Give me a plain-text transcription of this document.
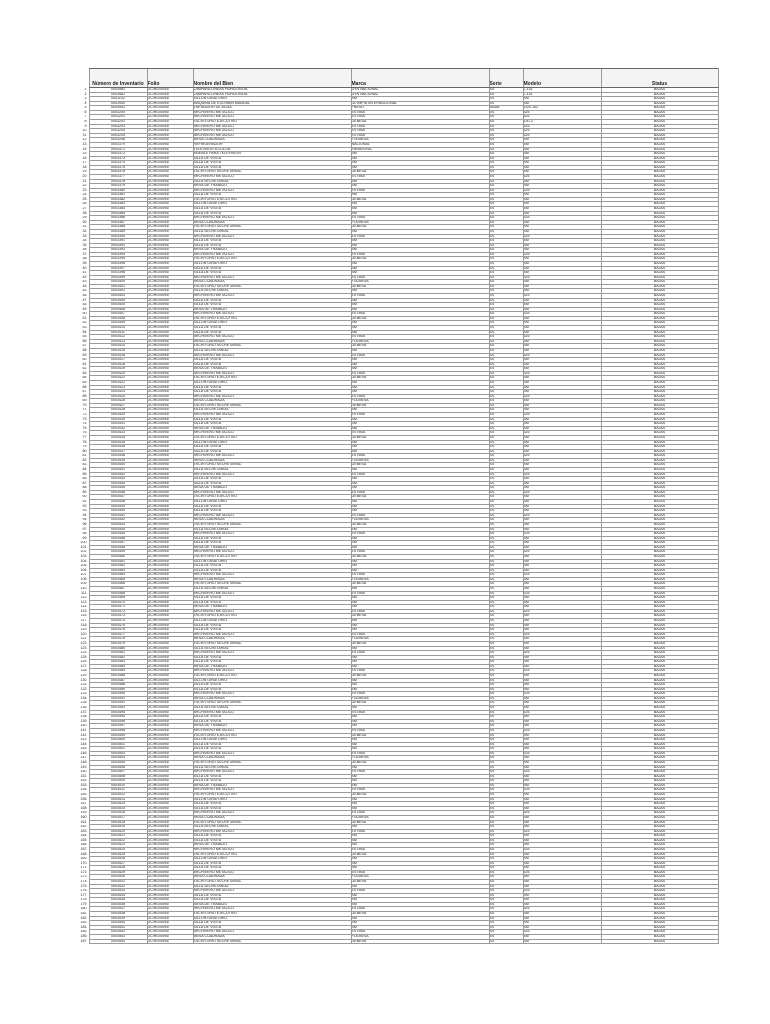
	Número de Inventario	Folio	Nombre del Bien	Marca	Serie	Modelo	Status
1	0003981	DC/RG/0094/	LAMPARA LINEAS HORIZONTAL	DYN NACIONAL	SS	L-101	BAJAS
2	0003982	DC/RG/0094/	LAMPARA LINEAS HORIZONTAL	DYN NACIONAL	SS	L-101	BAJAS
3	0001102	DC/RG/0094/	SILLON GIRATORIO	SM	SS	SM	BAJAS
4	0003940	DC/RG/0094/	MAQUINA DE ESCRIBIR MANUAL	OLYMPIA INTERNACIONAL	SS	SM	BAJAS
5	0003941	DC/RG/0094/	ENFRIADOR DE AGUA	FRIGID	36384	EDS-102	BAJAS
6	0003200	DC/RG/0094/	ARCHIVERO METALICO	ESTIMA	SS	325	BAJAS
7	0003201	DC/RG/0094/	ARCHIVERO METALICO	ESTIMA	SS	325	BAJAS
8	0003202	DC/RG/0094/	ESCRITORIO EJECUTIVO	GEBESA	SS	130-3	BAJAS
9	0003203	DC/RG/0094/	ARCHIVERO METALICO	ESTIMA	SS	325	BAJAS
10	0003204	DC/RG/0094/	ARCHIVERO METALICO	ESTIMA	SS	325	BAJAS
11	0003205	DC/RG/0094/	ARCHIVERO METALICO	ESTIMA	SS	325	BAJAS
12	0003206	DC/RG/0094/	MESA CUADRADA	FOLMESA	SS	SM	BAJAS
13	0003370	DC/RG/0094/	REFRIGERADOR	NACIONAL	SS	SM	BAJAS
14	0003371	DC/RG/0094/	TELEVISOR A COLOR	PANASONIC	SS	SM	BAJAS
15	0003372	DC/RG/0094/	MUEBLE PARA TELEVISION	SM	SS	SM	BAJAS
16	0003373	DC/RG/0094/	SILLA DE VISITA	SM	SS	SM	BAJAS
17	0003374	DC/RG/0094/	SILLA DE VISITA	SM	SS	SM	BAJAS
18	0003375	DC/RG/0094/	SILLA DE VISITA	SM	SS	SM	BAJAS
19	0003376	DC/RG/0094/	ESCRITORIO SECRETARIAL	GEBESA	SS	SM	BAJAS
20	0003377	DC/RG/0094/	ARCHIVERO METALICO	ESTIMA	SS	325	BAJAS
21	0003378	DC/RG/0094/	SILLA SECRETARIAL	SM	SS	SM	BAJAS
22	0003379	DC/RG/0094/	MESA DE TRABAJO	SM	SS	SM	BAJAS
23	0003380	DC/RG/0094/	ARCHIVERO METALICO	ESTIMA	SS	325	BAJAS
24	0003381	DC/RG/0094/	SILLA DE VISITA	SM	SS	SM	BAJAS
25	0003382	DC/RG/0094/	ESCRITORIO EJECUTIVO	GEBESA	SS	SM	BAJAS
26	0003383	DC/RG/0094/	SILLON GIRATORIO	SM	SS	SM	BAJAS
27	0003384	DC/RG/0094/	SILLA DE VISITA	SM	SS	SM	BAJAS
28	0003385	DC/RG/0094/	SILLA DE VISITA	SM	SS	SM	BAJAS
29	0003386	DC/RG/0094/	ARCHIVERO METALICO	ESTIMA	SS	325	BAJAS
30	0003387	DC/RG/0094/	MESA CUADRADA	FOLMESA	SS	SM	BAJAS
31	0003388	DC/RG/0094/	ESCRITORIO SECRETARIAL	GEBESA	SS	SM	BAJAS
32	0003389	DC/RG/0094/	SILLA SECRETARIAL	SM	SS	SM	BAJAS
33	0003390	DC/RG/0094/	ARCHIVERO METALICO	ESTIMA	SS	325	BAJAS
34	0003391	DC/RG/0094/	SILLA DE VISITA	SM	SS	SM	BAJAS
35	0003392	DC/RG/0094/	SILLA DE VISITA	SM	SS	SM	BAJAS
36	0003393	DC/RG/0094/	MESA DE TRABAJO	SM	SS	SM	BAJAS
37	0003394	DC/RG/0094/	ARCHIVERO METALICO	ESTIMA	SS	325	BAJAS
38	0003395	DC/RG/0094/	ESCRITORIO EJECUTIVO	GEBESA	SS	SM	BAJAS
39	0003396	DC/RG/0094/	SILLON GIRATORIO	SM	SS	SM	BAJAS
40	0003397	DC/RG/0094/	SILLA DE VISITA	SM	SS	SM	BAJAS
41	0003398	DC/RG/0094/	SILLA DE VISITA	SM	SS	SM	BAJAS
42	0003399	DC/RG/0094/	ARCHIVERO METALICO	ESTIMA	SS	325	BAJAS
43	0003400	DC/RG/0094/	MESA CUADRADA	FOLMESA	SS	SM	BAJAS
44	0003401	DC/RG/0094/	ESCRITORIO SECRETARIAL	GEBESA	SS	SM	BAJAS
45	0003402	DC/RG/0094/	SILLA SECRETARIAL	SM	SS	SM	BAJAS
46	0003403	DC/RG/0094/	ARCHIVERO METALICO	ESTIMA	SS	325	BAJAS
47	0003404	DC/RG/0094/	SILLA DE VISITA	SM	SS	SM	BAJAS
48	0003405	DC/RG/0094/	SILLA DE VISITA	SM	SS	SM	BAJAS
49	0003406	DC/RG/0094/	MESA DE TRABAJO	SM	SS	SM	BAJAS
50	0003407	DC/RG/0094/	ARCHIVERO METALICO	ESTIMA	SS	325	BAJAS
51	0003408	DC/RG/0094/	ESCRITORIO EJECUTIVO	GEBESA	SS	SM	BAJAS
52	0003409	DC/RG/0094/	SILLON GIRATORIO	SM	SS	SM	BAJAS
53	0003410	DC/RG/0094/	SILLA DE VISITA	SM	SS	SM	BAJAS
54	0003411	DC/RG/0094/	SILLA DE VISITA	SM	SS	SM	BAJAS
55	0003412	DC/RG/0094/	ARCHIVERO METALICO	ESTIMA	SS	325	BAJAS
56	0003413	DC/RG/0094/	MESA CUADRADA	FOLMESA	SS	SM	BAJAS
57	0003414	DC/RG/0094/	ESCRITORIO SECRETARIAL	GEBESA	SS	SM	BAJAS
58	0003415	DC/RG/0094/	SILLA SECRETARIAL	SM	SS	SM	BAJAS
59	0003416	DC/RG/0094/	ARCHIVERO METALICO	ESTIMA	SS	325	BAJAS
60	0003417	DC/RG/0094/	SILLA DE VISITA	SM	SS	SM	BAJAS
61	0003418	DC/RG/0094/	SILLA DE VISITA	SM	SS	SM	BAJAS
62	0003419	DC/RG/0094/	MESA DE TRABAJO	SM	SS	SM	BAJAS
63	0003420	DC/RG/0094/	ARCHIVERO METALICO	ESTIMA	SS	325	BAJAS
64	0003421	DC/RG/0094/	ESCRITORIO EJECUTIVO	GEBESA	SS	SM	BAJAS
65	0003422	DC/RG/0094/	SILLON GIRATORIO	SM	SS	SM	BAJAS
66	0003423	DC/RG/0094/	SILLA DE VISITA	SM	SS	SM	BAJAS
67	0003424	DC/RG/0094/	SILLA DE VISITA	SM	SS	SM	BAJAS
68	0003425	DC/RG/0094/	ARCHIVERO METALICO	ESTIMA	SS	325	BAJAS
69	0003426	DC/RG/0094/	MESA CUADRADA	FOLMESA	SS	SM	BAJAS
70	0003427	DC/RG/0094/	ESCRITORIO SECRETARIAL	GEBESA	SS	SM	BAJAS
71	0003428	DC/RG/0094/	SILLA SECRETARIAL	SM	SS	SM	BAJAS
72	0003429	DC/RG/0094/	ARCHIVERO METALICO	ESTIMA	SS	325	BAJAS
73	0003430	DC/RG/0094/	SILLA DE VISITA	SM	SS	SM	BAJAS
74	0003431	DC/RG/0094/	SILLA DE VISITA	SM	SS	SM	BAJAS
75	0003432	DC/RG/0094/	MESA DE TRABAJO	SM	SS	SM	BAJAS
76	0003433	DC/RG/0094/	ARCHIVERO METALICO	ESTIMA	SS	325	BAJAS
77	0003434	DC/RG/0094/	ESCRITORIO EJECUTIVO	GEBESA	SS	SM	BAJAS
78	0003435	DC/RG/0094/	SILLON GIRATORIO	SM	SS	SM	BAJAS
79	0003436	DC/RG/0094/	SILLA DE VISITA	SM	SS	SM	BAJAS
80	0003437	DC/RG/0094/	SILLA DE VISITA	SM	SS	SM	BAJAS
81	0003438	DC/RG/0094/	ARCHIVERO METALICO	ESTIMA	SS	325	BAJAS
82	0003439	DC/RG/0094/	MESA CUADRADA	FOLMESA	SS	SM	BAJAS
83	0003440	DC/RG/0094/	ESCRITORIO SECRETARIAL	GEBESA	SS	SM	BAJAS
84	0003441	DC/RG/0094/	SILLA SECRETARIAL	SM	SS	SM	BAJAS
85	0003442	DC/RG/0094/	ARCHIVERO METALICO	ESTIMA	SS	325	BAJAS
86	0003443	DC/RG/0094/	SILLA DE VISITA	SM	SS	SM	BAJAS
87	0003444	DC/RG/0094/	SILLA DE VISITA	SM	SS	SM	BAJAS
88	0003445	DC/RG/0094/	MESA DE TRABAJO	SM	SS	SM	BAJAS
89	0003446	DC/RG/0094/	ARCHIVERO METALICO	ESTIMA	SS	325	BAJAS
90	0003447	DC/RG/0094/	ESCRITORIO EJECUTIVO	GEBESA	SS	SM	BAJAS
91	0003448	DC/RG/0094/	SILLON GIRATORIO	SM	SS	SM	BAJAS
92	0003449	DC/RG/0094/	SILLA DE VISITA	SM	SS	SM	BAJAS
93	0003450	DC/RG/0094/	SILLA DE VISITA	SM	SS	SM	BAJAS
94	0003451	DC/RG/0094/	ARCHIVERO METALICO	ESTIMA	SS	325	BAJAS
95	0003452	DC/RG/0094/	MESA CUADRADA	FOLMESA	SS	SM	BAJAS
96	0003453	DC/RG/0094/	ESCRITORIO SECRETARIAL	GEBESA	SS	SM	BAJAS
97	0003454	DC/RG/0094/	SILLA SECRETARIAL	SM	SS	SM	BAJAS
98	0003455	DC/RG/0094/	ARCHIVERO METALICO	ESTIMA	SS	325	BAJAS
99	0003456	DC/RG/0094/	SILLA DE VISITA	SM	SS	SM	BAJAS
100	0003457	DC/RG/0094/	SILLA DE VISITA	SM	SS	SM	BAJAS
101	0003458	DC/RG/0094/	MESA DE TRABAJO	SM	SS	SM	BAJAS
102	0003459	DC/RG/0094/	ARCHIVERO METALICO	ESTIMA	SS	325	BAJAS
103	0003460	DC/RG/0094/	ESCRITORIO EJECUTIVO	GEBESA	SS	SM	BAJAS
104	0003461	DC/RG/0094/	SILLON GIRATORIO	SM	SS	SM	BAJAS
105	0003462	DC/RG/0094/	SILLA DE VISITA	SM	SS	SM	BAJAS
106	0003463	DC/RG/0094/	SILLA DE VISITA	SM	SS	SM	BAJAS
107	0003464	DC/RG/0094/	ARCHIVERO METALICO	ESTIMA	SS	325	BAJAS
108	0003465	DC/RG/0094/	MESA CUADRADA	FOLMESA	SS	SM	BAJAS
109	0003466	DC/RG/0094/	ESCRITORIO SECRETARIAL	GEBESA	SS	SM	BAJAS
110	0003467	DC/RG/0094/	SILLA SECRETARIAL	SM	SS	SM	BAJAS
111	0003468	DC/RG/0094/	ARCHIVERO METALICO	ESTIMA	SS	325	BAJAS
112	0003469	DC/RG/0094/	SILLA DE VISITA	SM	SS	SM	BAJAS
113	0003470	DC/RG/0094/	SILLA DE VISITA	SM	SS	SM	BAJAS
114	0003471	DC/RG/0094/	MESA DE TRABAJO	SM	SS	SM	BAJAS
115	0003472	DC/RG/0094/	ARCHIVERO METALICO	ESTIMA	SS	325	BAJAS
116	0003473	DC/RG/0094/	ESCRITORIO EJECUTIVO	GEBESA	SS	SM	BAJAS
117	0003474	DC/RG/0094/	SILLON GIRATORIO	SM	SS	SM	BAJAS
118	0003475	DC/RG/0094/	SILLA DE VISITA	SM	SS	SM	BAJAS
119	0003476	DC/RG/0094/	SILLA DE VISITA	SM	SS	SM	BAJAS
120	0003477	DC/RG/0094/	ARCHIVERO METALICO	ESTIMA	SS	325	BAJAS
121	0003478	DC/RG/0094/	MESA CUADRADA	FOLMESA	SS	SM	BAJAS
122	0003479	DC/RG/0094/	ESCRITORIO SECRETARIAL	GEBESA	SS	SM	BAJAS
123	0003480	DC/RG/0094/	SILLA SECRETARIAL	SM	SS	SM	BAJAS
124	0003481	DC/RG/0094/	ARCHIVERO METALICO	ESTIMA	SS	325	BAJAS
125	0003482	DC/RG/0094/	SILLA DE VISITA	SM	SS	SM	BAJAS
126	0003483	DC/RG/0094/	SILLA DE VISITA	SM	SS	SM	BAJAS
127	0003484	DC/RG/0094/	MESA DE TRABAJO	SM	SS	SM	BAJAS
128	0003485	DC/RG/0094/	ARCHIVERO METALICO	ESTIMA	SS	325	BAJAS
129	0003486	DC/RG/0094/	ESCRITORIO EJECUTIVO	GEBESA	SS	SM	BAJAS
130	0003487	DC/RG/0094/	SILLON GIRATORIO	SM	SS	SM	BAJAS
131	0003488	DC/RG/0094/	SILLA DE VISITA	SM	SS	SM	BAJAS
132	0003489	DC/RG/0094/	SILLA DE VISITA	SM	SS	SM	BAJAS
133	0003490	DC/RG/0094/	ARCHIVERO METALICO	ESTIMA	SS	325	BAJAS
134	0003491	DC/RG/0094/	MESA CUADRADA	FOLMESA	SS	SM	BAJAS
135	0003492	DC/RG/0094/	ESCRITORIO SECRETARIAL	GEBESA	SS	SM	BAJAS
136	0003493	DC/RG/0094/	SILLA SECRETARIAL	SM	SS	SM	BAJAS
137	0003494	DC/RG/0094/	ARCHIVERO METALICO	ESTIMA	SS	325	BAJAS
138	0003495	DC/RG/0094/	SILLA DE VISITA	SM	SS	SM	BAJAS
139	0003496	DC/RG/0094/	SILLA DE VISITA	SM	SS	SM	BAJAS
140	0003497	DC/RG/0094/	MESA DE TRABAJO	SM	SS	SM	BAJAS
141	0003498	DC/RG/0094/	ARCHIVERO METALICO	ESTIMA	SS	325	BAJAS
142	0003499	DC/RG/0094/	ESCRITORIO EJECUTIVO	GEBESA	SS	SM	BAJAS
143	0003500	DC/RG/0094/	SILLON GIRATORIO	SM	SS	SM	BAJAS
144	0003501	DC/RG/0094/	SILLA DE VISITA	SM	SS	SM	BAJAS
145	0003502	DC/RG/0094/	SILLA DE VISITA	SM	SS	SM	BAJAS
146	0003503	DC/RG/0094/	ARCHIVERO METALICO	ESTIMA	SS	325	BAJAS
147	0003504	DC/RG/0094/	MESA CUADRADA	FOLMESA	SS	SM	BAJAS
148	0003505	DC/RG/0094/	ESCRITORIO SECRETARIAL	GEBESA	SS	SM	BAJAS
149	0003506	DC/RG/0094/	SILLA SECRETARIAL	SM	SS	SM	BAJAS
150	0003507	DC/RG/0094/	ARCHIVERO METALICO	ESTIMA	SS	325	BAJAS
151	0003508	DC/RG/0094/	SILLA DE VISITA	SM	SS	SM	BAJAS
152	0003509	DC/RG/0094/	SILLA DE VISITA	SM	SS	SM	BAJAS
153	0003510	DC/RG/0094/	MESA DE TRABAJO	SM	SS	SM	BAJAS
154	0003511	DC/RG/0094/	ARCHIVERO METALICO	ESTIMA	SS	325	BAJAS
155	0003512	DC/RG/0094/	ESCRITORIO EJECUTIVO	GEBESA	SS	SM	BAJAS
156	0003513	DC/RG/0094/	SILLON GIRATORIO	SM	SS	SM	BAJAS
157	0003514	DC/RG/0094/	SILLA DE VISITA	SM	SS	SM	BAJAS
158	0003515	DC/RG/0094/	SILLA DE VISITA	SM	SS	SM	BAJAS
159	0003516	DC/RG/0094/	ARCHIVERO METALICO	ESTIMA	SS	325	BAJAS
160	0003517	DC/RG/0094/	MESA CUADRADA	FOLMESA	SS	SM	BAJAS
161	0003518	DC/RG/0094/	ESCRITORIO SECRETARIAL	GEBESA	SS	SM	BAJAS
162	0003519	DC/RG/0094/	SILLA SECRETARIAL	SM	SS	SM	BAJAS
163	0003520	DC/RG/0094/	ARCHIVERO METALICO	ESTIMA	SS	325	BAJAS
164	0003521	DC/RG/0094/	SILLA DE VISITA	SM	SS	SM	BAJAS
165	0003522	DC/RG/0094/	SILLA DE VISITA	SM	SS	SM	BAJAS
166	0003523	DC/RG/0094/	MESA DE TRABAJO	SM	SS	SM	BAJAS
167	0003524	DC/RG/0094/	ARCHIVERO METALICO	ESTIMA	SS	325	BAJAS
168	0003525	DC/RG/0094/	ESCRITORIO EJECUTIVO	GEBESA	SS	SM	BAJAS
169	0003526	DC/RG/0094/	SILLON GIRATORIO	SM	SS	SM	BAJAS
170	0003527	DC/RG/0094/	SILLA DE VISITA	SM	SS	SM	BAJAS
171	0003528	DC/RG/0094/	SILLA DE VISITA	SM	SS	SM	BAJAS
172	0003529	DC/RG/0094/	ARCHIVERO METALICO	ESTIMA	SS	325	BAJAS
173	0003530	DC/RG/0094/	MESA CUADRADA	FOLMESA	SS	SM	BAJAS
174	0003531	DC/RG/0094/	ESCRITORIO SECRETARIAL	GEBESA	SS	SM	BAJAS
175	0003532	DC/RG/0094/	SILLA SECRETARIAL	SM	SS	SM	BAJAS
176	0003533	DC/RG/0094/	ARCHIVERO METALICO	ESTIMA	SS	325	BAJAS
177	0003534	DC/RG/0094/	SILLA DE VISITA	SM	SS	SM	BAJAS
178	0003535	DC/RG/0094/	SILLA DE VISITA	SM	SS	SM	BAJAS
179	0003536	DC/RG/0094/	MESA DE TRABAJO	SM	SS	SM	BAJAS
180	0003537	DC/RG/0094/	ARCHIVERO METALICO	ESTIMA	SS	325	BAJAS
181	0003538	DC/RG/0094/	ESCRITORIO EJECUTIVO	GEBESA	SS	SM	BAJAS
182	0003539	DC/RG/0094/	SILLON GIRATORIO	SM	SS	SM	BAJAS
183	0003540	DC/RG/0094/	SILLA DE VISITA	SM	SS	SM	BAJAS
184	0003541	DC/RG/0094/	SILLA DE VISITA	SM	SS	SM	BAJAS
185	0003542	DC/RG/0094/	ARCHIVERO METALICO	ESTIMA	SS	325	BAJAS
186	0003543	DC/RG/0094/	MESA CUADRADA	FOLMESA	SS	SM	BAJAS
187	0003544	DC/RG/0094/	ESCRITORIO SECRETARIAL	GEBESA	SS	SM	BAJAS
